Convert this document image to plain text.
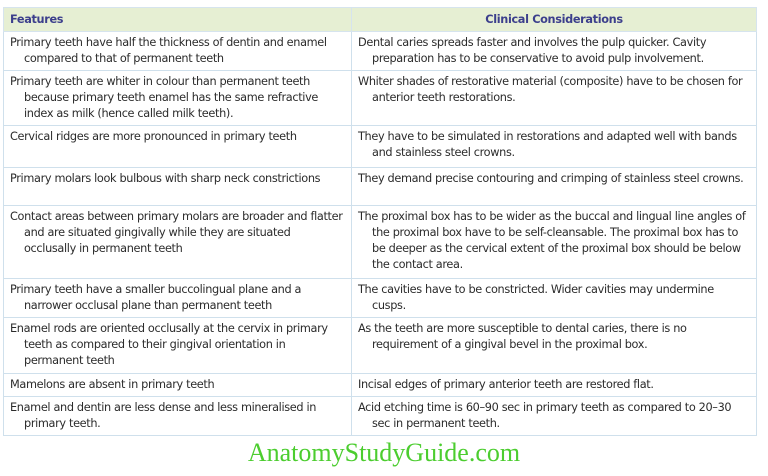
Features	Clinical Considerations

Primary teeth have half the thickness of dentin and enamel compared to that of permanent teeth	Dental caries spreads faster and involves the pulp quicker. Cavity preparation has to be conservative to avoid pulp involvement.

Primary teeth are whiter in colour than permanent teeth because primary teeth enamel has the same refractive index as milk (hence called milk teeth).	Whiter shades of restorative material (composite) have to be chosen for anterior teeth restorations.

Cervical ridges are more pronounced in primary teeth	They have to be simulated in restorations and adapted well with bands and stainless steel crowns.

Primary molars look bulbous with sharp neck constrictions	They demand precise contouring and crimping of stainless steel crowns.

Contact areas between primary molars are broader and flatter and are situated gingivally while they are situated occlusally in permanent teeth	The proximal box has to be wider as the buccal and lingual line angles of the proximal box have to be self-cleansable. The proximal box has to be deeper as the cervical extent of the proximal box should be below the contact area.

Primary teeth have a smaller buccolingual plane and a narrower occlusal plane than permanent teeth	The cavities have to be constricted. Wider cavities may undermine cusps.

Enamel rods are oriented occlusally at the cervix in primary teeth as compared to their gingival orientation in permanent teeth	As the teeth are more susceptible to dental caries, there is no requirement of a gingival bevel in the proximal box.

Mamelons are absent in primary teeth	Incisal edges of primary anterior teeth are restored flat.

Enamel and dentin are less dense and less mineralised in primary teeth.	Acid etching time is 60–90 sec in primary teeth as compared to 20–30 sec in permanent teeth.
AnatomyStudyGuide.com
